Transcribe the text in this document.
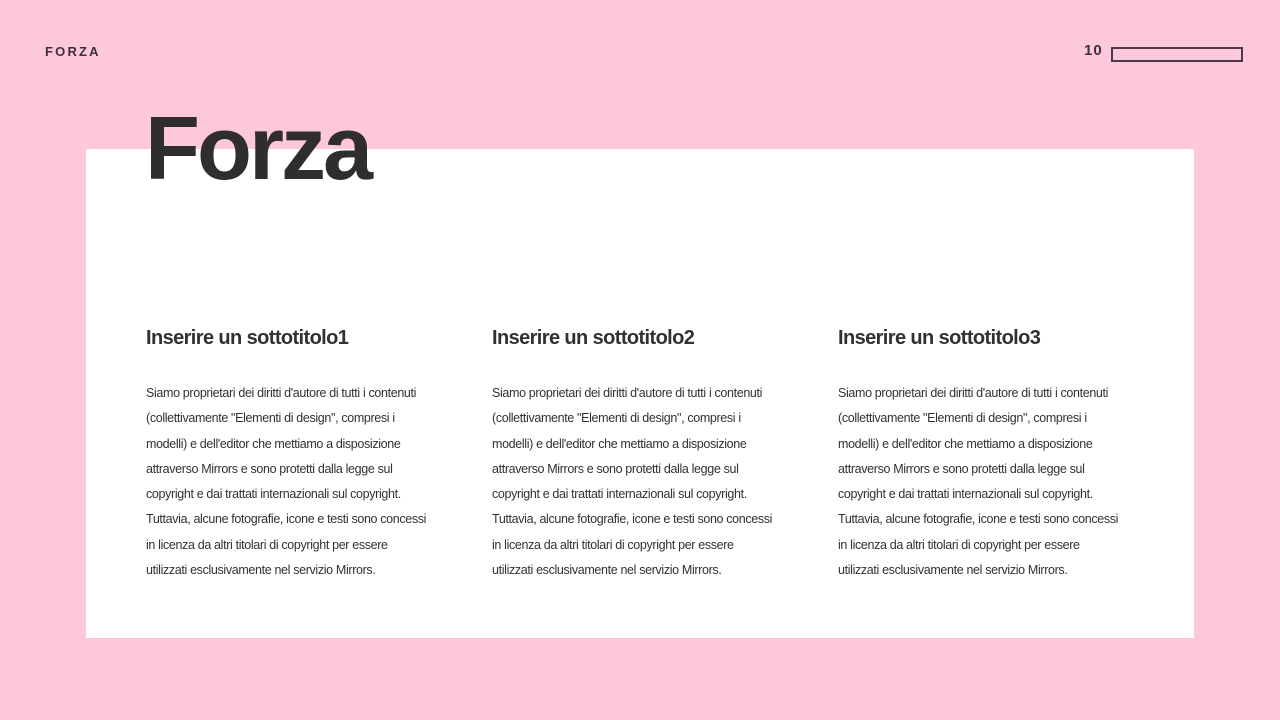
FORZA	10
Forza
Inserire un sottotitolo1
Siamo proprietari dei diritti d'autore di tutti i contenuti
(collettivamente "Elementi di design", compresi i
modelli) e dell'editor che mettiamo a disposizione
attraverso Mirrors e sono protetti dalla legge sul
copyright e dai trattati internazionali sul copyright.
Tuttavia, alcune fotografie, icone e testi sono concessi
in licenza da altri titolari di copyright per essere
utilizzati esclusivamente nel servizio Mirrors.
Inserire un sottotitolo2
Siamo proprietari dei diritti d'autore di tutti i contenuti
(collettivamente "Elementi di design", compresi i
modelli) e dell'editor che mettiamo a disposizione
attraverso Mirrors e sono protetti dalla legge sul
copyright e dai trattati internazionali sul copyright.
Tuttavia, alcune fotografie, icone e testi sono concessi
in licenza da altri titolari di copyright per essere
utilizzati esclusivamente nel servizio Mirrors.
Inserire un sottotitolo3
Siamo proprietari dei diritti d'autore di tutti i contenuti
(collettivamente "Elementi di design", compresi i
modelli) e dell'editor che mettiamo a disposizione
attraverso Mirrors e sono protetti dalla legge sul
copyright e dai trattati internazionali sul copyright.
Tuttavia, alcune fotografie, icone e testi sono concessi
in licenza da altri titolari di copyright per essere
utilizzati esclusivamente nel servizio Mirrors.
